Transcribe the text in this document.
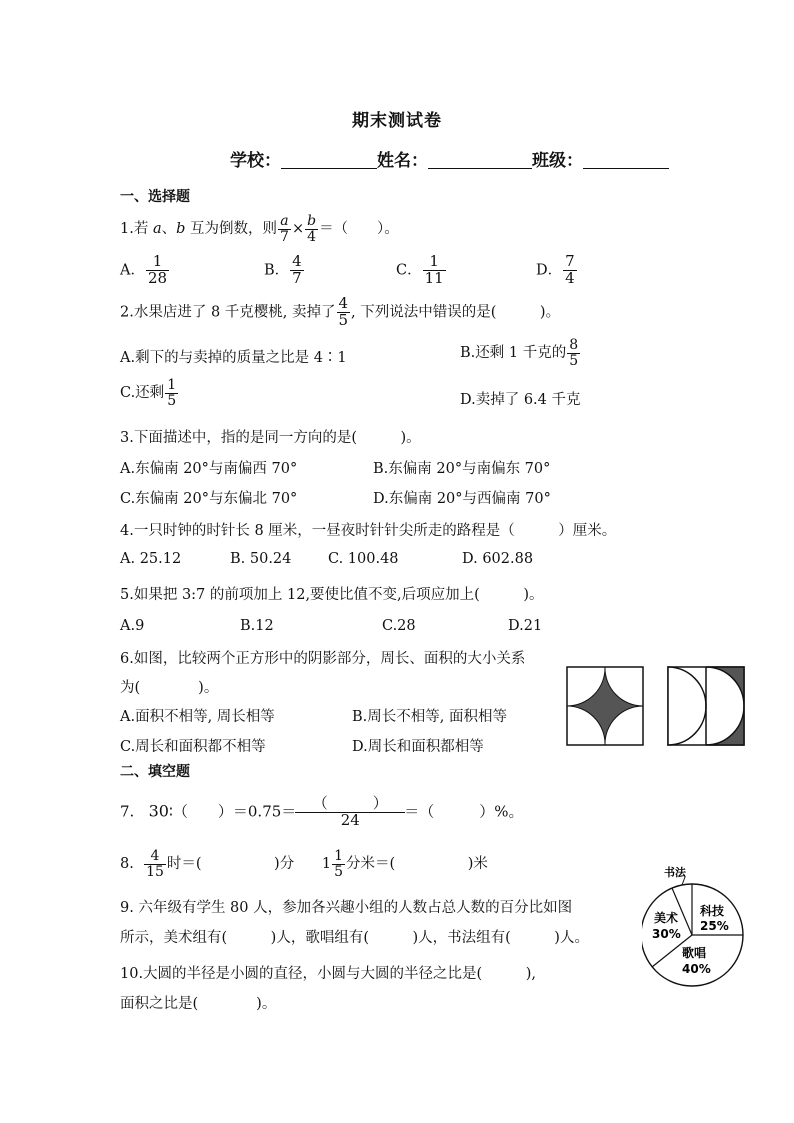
期末测试卷
学校：	姓名：	班级：
一、选择题
1.若 a、b 互为倒数，则 $\frac{a}{7} \times \frac{b}{4}$ ＝（　　）。
A． $\frac{1}{28}$	B． $\frac{4}{7}$	C． $\frac{1}{11}$	D． $\frac{7}{4}$
2.水果店进了 8 千克樱桃, 卖掉了 $\frac{4}{5}$ , 下列说法中错误的是(　　　)。
A.剩下的与卖掉的质量之比是 4∶1	B.还剩 1 千克的 $\frac{8}{5}$
C.还剩 $\frac{1}{5}$	D.卖掉了 6.4 千克
3.下面描述中，指的是同一方向的是(　　　)。
A.东偏南 20°与南偏西 70°	B.东偏南 20°与南偏东 70°
C.东偏南 20°与东偏北 70°	D.东偏南 20°与西偏南 70°
4.一只时钟的时针长 8 厘米，一昼夜时针针尖所走的路程是（　　　）厘米。
A. 25.12	B. 50.24	C. 100.48	D. 602.88
5.如果把 3:7 的前项加上 12,要使比值不变,后项应加上(　　　)。
A.9	B.12	C.28	D.21
6.如图，比较两个正方形中的阴影部分，周长、面积的大小关系
为(　　　　)。
A.面积不相等, 周长相等	B.周长不相等, 面积相等
C.周长和面积都不相等	D.周长和面积都相等
二、填空题
7. 30∶（　　）$=0.75= \frac{( )}{24}$ ＝（　　　）%。
8. $\frac{4}{15}$ 时＝(　　　　　)分 $1 \frac{1}{5}$ 分米＝(　　　　　)米
9. 六年级有学生 80 人，参加各兴趣小组的人数占总人数的百分比如图
所示，美术组有(　　　)人，歌唱组有(　　　)人，书法组有(　　　)人。
10.大圆的半径是小圆的直径，小圆与大圆的半径之比是(　　　),
面积之比是(　　　　)。
书法
美术
30%
科技
25%
歌唱
40%
